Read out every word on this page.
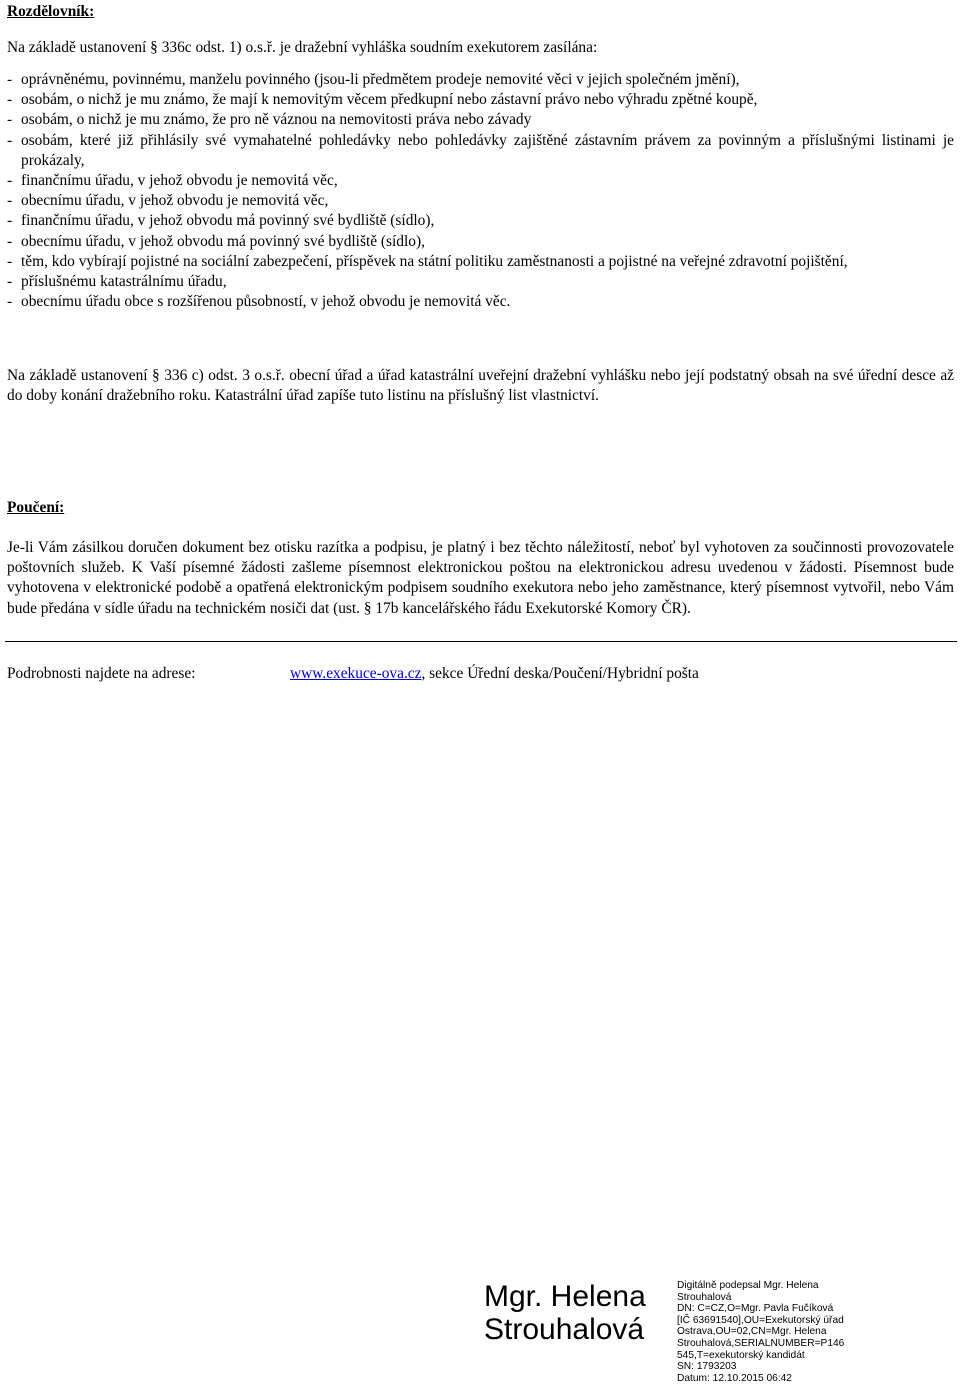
Rozdělovník:
Na základě ustanovení § 336c odst. 1) o.s.ř. je dražební vyhláška soudním exekutorem zasílána:
- oprávněnému, povinnému, manželu povinného (jsou-li předmětem prodeje nemovité věci v jejich společném jmění),
- osobám, o nichž je mu známo, že mají k nemovitým věcem předkupní nebo zástavní právo nebo výhradu zpětné koupě,
- osobám, o nichž je mu známo, že pro ně váznou na nemovitosti práva nebo závady
- osobám, které již přihlásily své vymahatelné pohledávky nebo pohledávky zajištěné zástavním právem za povinným a příslušnými listinami je prokázaly,
- finančnímu úřadu, v jehož obvodu je nemovitá věc,
- obecnímu úřadu, v jehož obvodu je nemovitá věc,
- finančnímu úřadu, v jehož obvodu má povinný své bydliště (sídlo),
- obecnímu úřadu, v jehož obvodu má povinný své bydliště (sídlo),
- těm, kdo vybírají pojistné na sociální zabezpečení, příspěvek na státní politiku zaměstnanosti a pojistné na veřejné zdravotní pojištění,
- příslušnému katastrálnímu úřadu,
- obecnímu úřadu obce s rozšířenou působností, v jehož obvodu je nemovitá věc.
Na základě ustanovení § 336 c) odst. 3 o.s.ř. obecní úřad a úřad katastrální uveřejní dražební vyhlášku nebo její podstatný obsah na své úřední desce až do doby konání dražebního roku. Katastrální úřad zapíše tuto listinu na příslušný list vlastnictví.
Poučení:
Je-li Vám zásilkou doručen dokument bez otisku razítka a podpisu, je platný i bez těchto náležitostí, neboť byl vyhotoven za součinnosti provozovatele poštovních služeb. K Vaší písemné žádosti zašleme písemnost elektronickou poštou na elektronickou adresu uvedenou v žádosti. Písemnost bude vyhotovena v elektronické podobě a opatřená elektronickým podpisem soudního exekutora nebo jeho zaměstnance, který písemnost vytvořil, nebo Vám bude předána v sídle úřadu na technickém nosiči dat (ust. § 17b kancelářského řádu Exekutorské Komory ČR).
Podrobnosti najdete na adrese:	www.exekuce-ova.cz, sekce Úřední deska/Poučení/Hybridní pošta
Mgr. Helena
Strouhalová
Digitálně podepsal Mgr. Helena
Strouhalová
DN: C=CZ,O=Mgr. Pavla Fučíková
[IČ 63691540],OU=Exekutorský úřad
Ostrava,OU=02,CN=Mgr. Helena
Strouhalová,SERIALNUMBER=P146
545,T=exekutorský kandidát
SN: 1793203
Datum: 12.10.2015 06:42
